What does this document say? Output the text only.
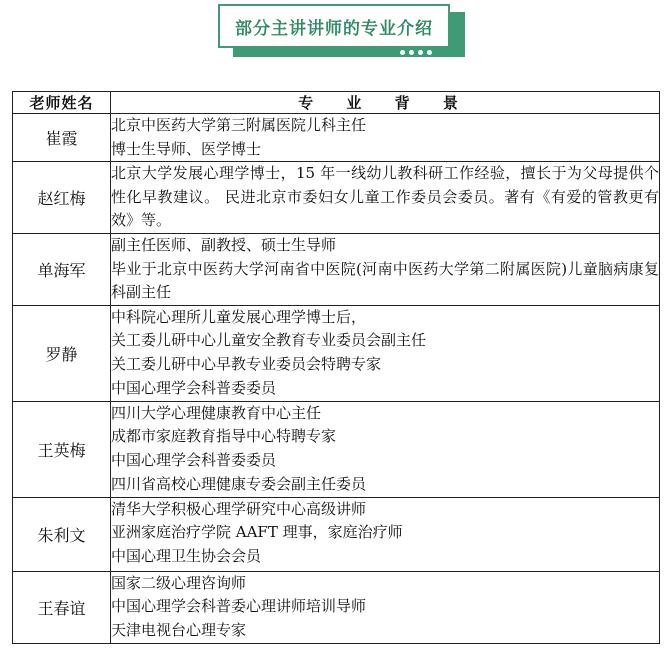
部分主讲讲师的专业介绍
老师姓名	专 业 背 景
崔霞	北京中医药大学第三附属医院儿科主任
博士生导师、医学博士

赵红梅	北京大学发展心理学博士，15 年一线幼儿教科研工作经验，擅长于为父母提供个性化早教建议。 民进北京市委妇女儿童工作委员会委员。著有《有爱的管教更有效》等。

单海军	副主任医师、副教授、硕士生导师
毕业于北京中医药大学河南省中医院(河南中医药大学第二附属医院)儿童脑病康复科副主任

罗静	中科院心理所儿童发展心理学博士后，
关工委儿研中心儿童安全教育专业委员会副主任
关工委儿研中心早教专业委员会特聘专家
中国心理学会科普委委员

王英梅	四川大学心理健康教育中心主任
成都市家庭教育指导中心特聘专家
中国心理学会科普委委员
四川省高校心理健康专委会副主任委员

朱利文	清华大学积极心理学研究中心高级讲师
亚洲家庭治疗学院 AAFT 理事，家庭治疗师
中国心理卫生协会会员

王春谊	国家二级心理咨询师
中国心理学会科普委心理讲师培训导师
天津电视台心理专家
